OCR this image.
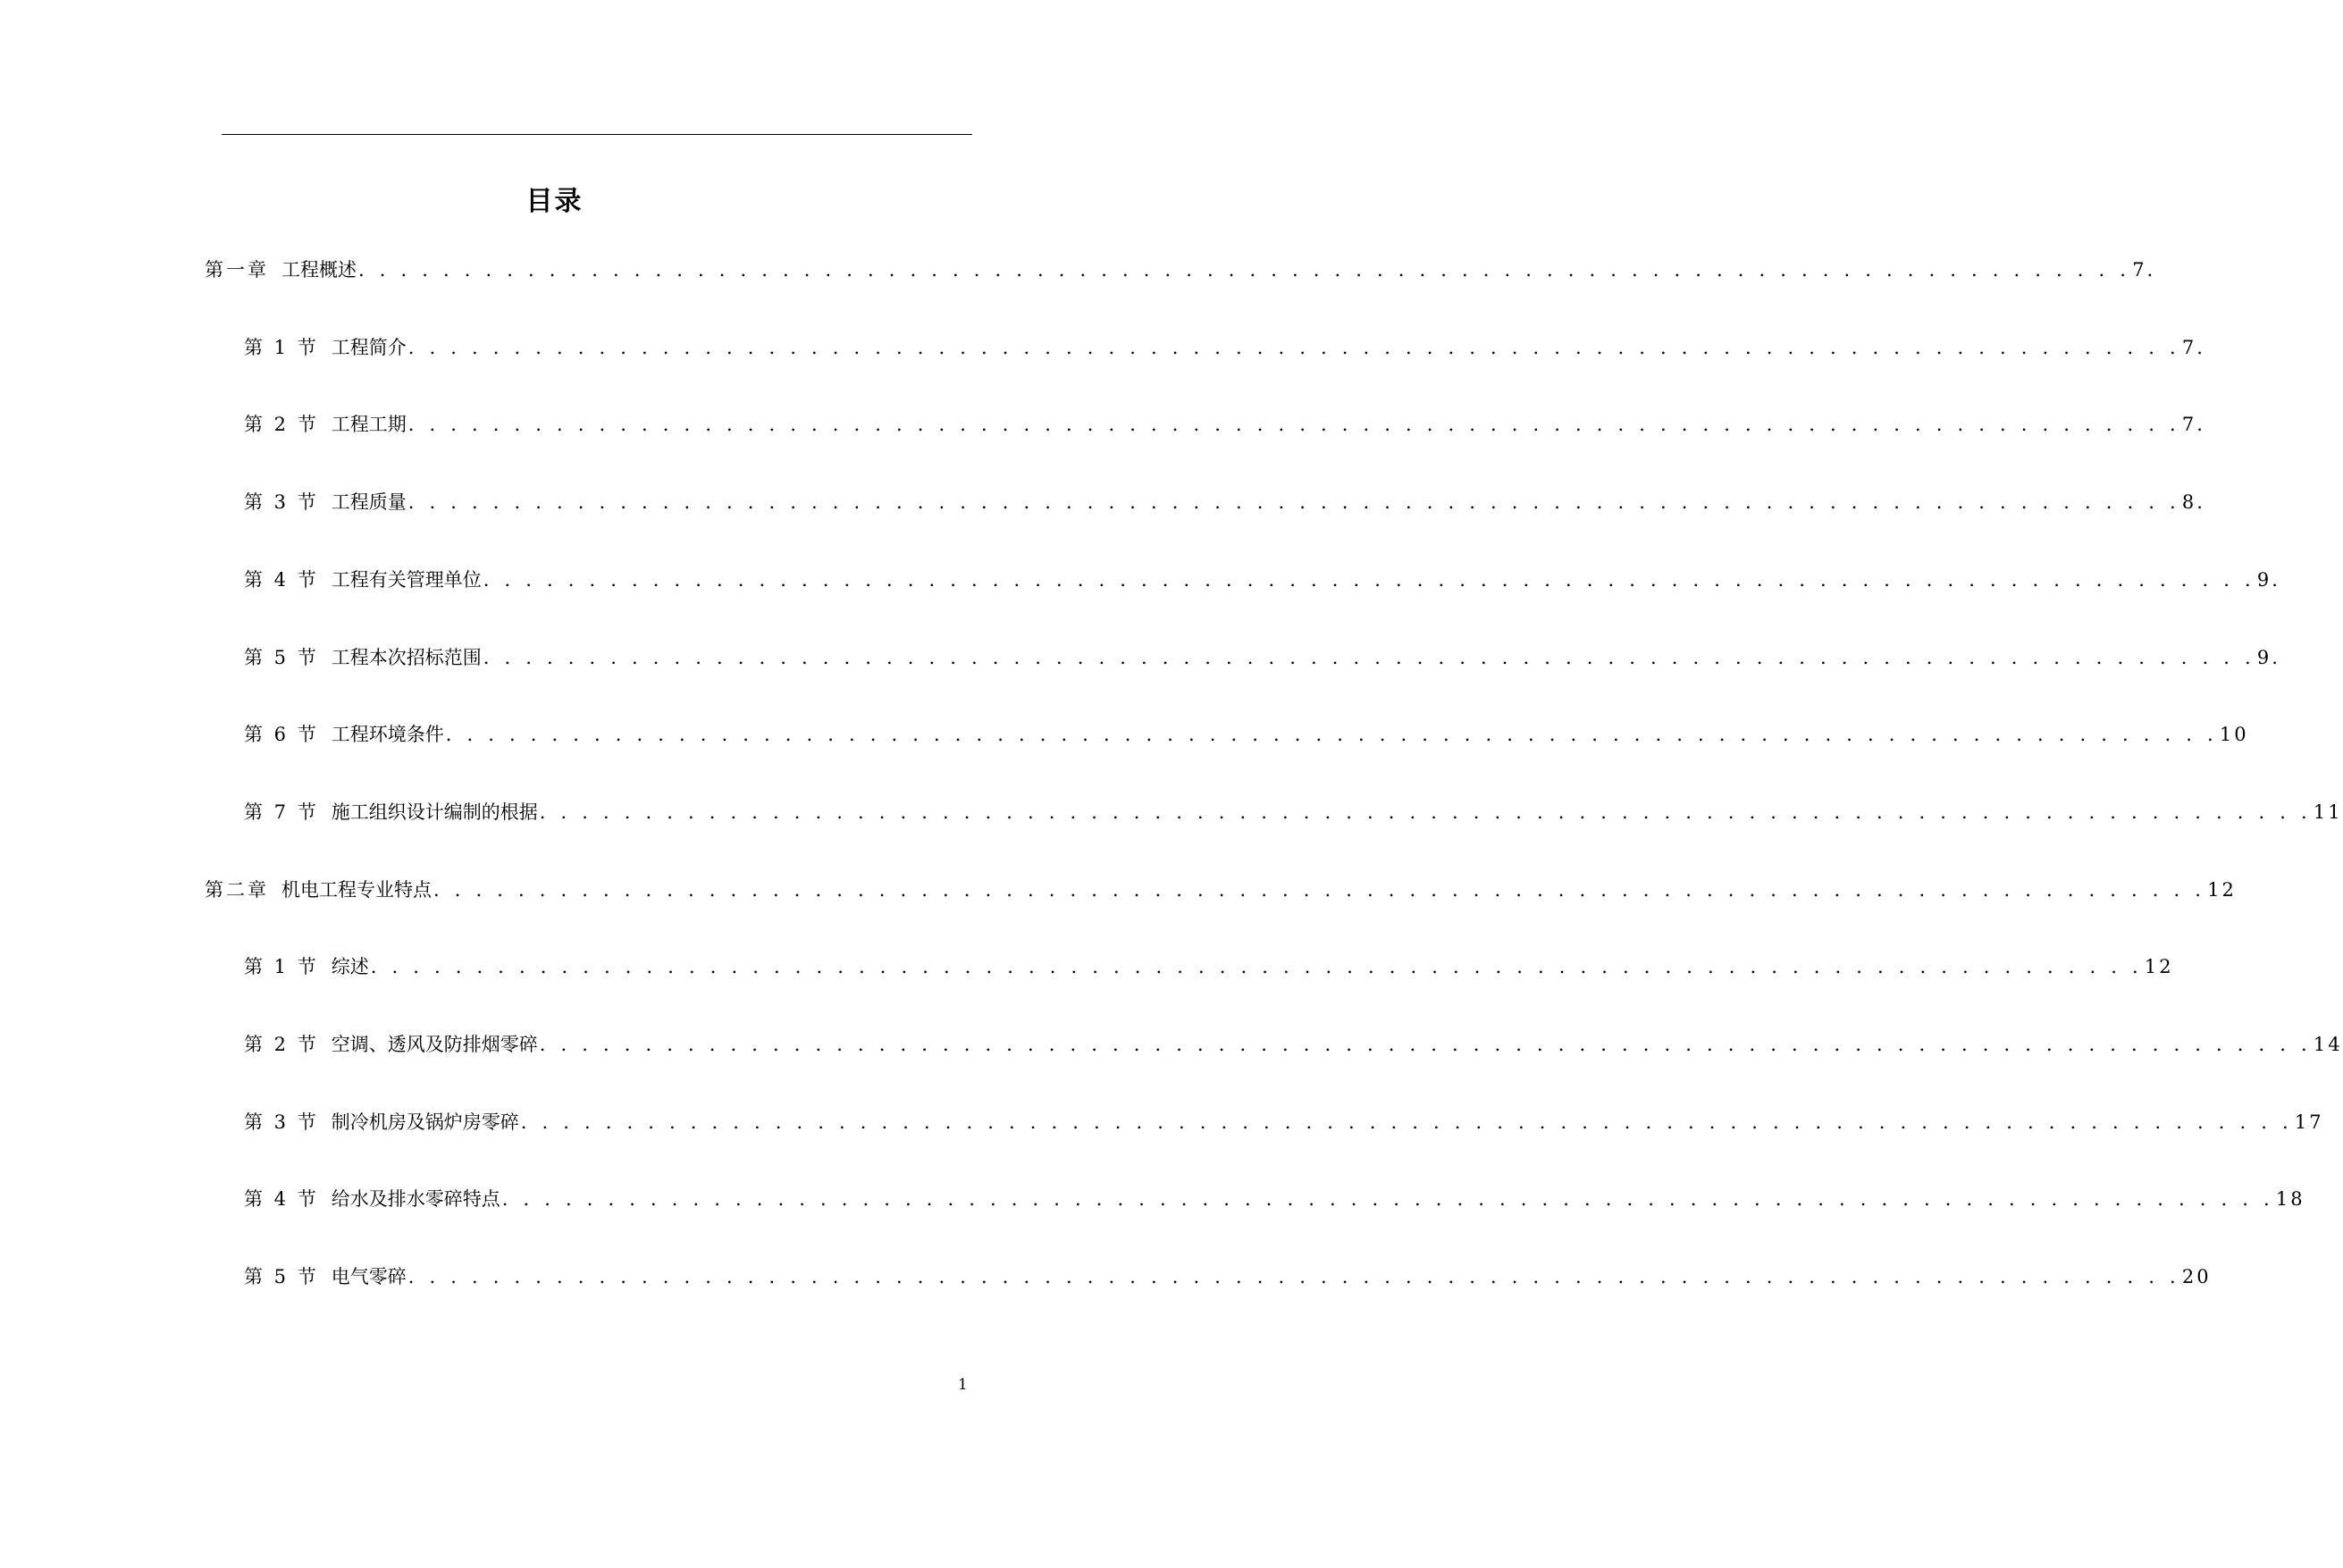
目录
第一章 工程概述 . . . . . . . . . . . . . . . . . . . . . . . . . . . . . . . . . . . . . . . . . . . . . . . . . . . . . . . . . . . . . . . . . . . . . . . . . . . . . . . . . . . . 7.
第 1 节 工程简介 . . . . . . . . . . . . . . . . . . . . . . . . . . . . . . . . . . . . . . . . . . . . . . . . . . . . . . . . . . . . . . . . . . . . . . . . . . . . . . . . . . . . 7.
第 2 节 工程工期 . . . . . . . . . . . . . . . . . . . . . . . . . . . . . . . . . . . . . . . . . . . . . . . . . . . . . . . . . . . . . . . . . . . . . . . . . . . . . . . . . . . . 7.
第 3 节 工程质量 . . . . . . . . . . . . . . . . . . . . . . . . . . . . . . . . . . . . . . . . . . . . . . . . . . . . . . . . . . . . . . . . . . . . . . . . . . . . . . . . . . . . 8.
第 4 节 工程有关管理单位 . . . . . . . . . . . . . . . . . . . . . . . . . . . . . . . . . . . . . . . . . . . . . . . . . . . . . . . . . . . . . . . . . . . . . . . . . . . . . . . . . . . . 9.
第 5 节 工程本次招标范围 . . . . . . . . . . . . . . . . . . . . . . . . . . . . . . . . . . . . . . . . . . . . . . . . . . . . . . . . . . . . . . . . . . . . . . . . . . . . . . . . . . . . 9.
第 6 节 工程环境条件 . . . . . . . . . . . . . . . . . . . . . . . . . . . . . . . . . . . . . . . . . . . . . . . . . . . . . . . . . . . . . . . . . . . . . . . . . . . . . . . . . . . . 10
第 7 节 施工组织设计编制的根据 . . . . . . . . . . . . . . . . . . . . . . . . . . . . . . . . . . . . . . . . . . . . . . . . . . . . . . . . . . . . . . . . . . . . . . . . . . . . . . . . . . . . 11
第二章 机电工程专业特点 . . . . . . . . . . . . . . . . . . . . . . . . . . . . . . . . . . . . . . . . . . . . . . . . . . . . . . . . . . . . . . . . . . . . . . . . . . . . . . . . . . . . 12
第 1 节 综述 . . . . . . . . . . . . . . . . . . . . . . . . . . . . . . . . . . . . . . . . . . . . . . . . . . . . . . . . . . . . . . . . . . . . . . . . . . . . . . . . . . . . 12
第 2 节 空调、透风及防排烟零碎 . . . . . . . . . . . . . . . . . . . . . . . . . . . . . . . . . . . . . . . . . . . . . . . . . . . . . . . . . . . . . . . . . . . . . . . . . . . . . . . . . . . . 14
第 3 节 制冷机房及锅炉房零碎 . . . . . . . . . . . . . . . . . . . . . . . . . . . . . . . . . . . . . . . . . . . . . . . . . . . . . . . . . . . . . . . . . . . . . . . . . . . . . . . . . . . . 17
第 4 节 给水及排水零碎特点 . . . . . . . . . . . . . . . . . . . . . . . . . . . . . . . . . . . . . . . . . . . . . . . . . . . . . . . . . . . . . . . . . . . . . . . . . . . . . . . . . . . . 18
第 5 节 电气零碎 . . . . . . . . . . . . . . . . . . . . . . . . . . . . . . . . . . . . . . . . . . . . . . . . . . . . . . . . . . . . . . . . . . . . . . . . . . . . . . . . . . . . 20
1
